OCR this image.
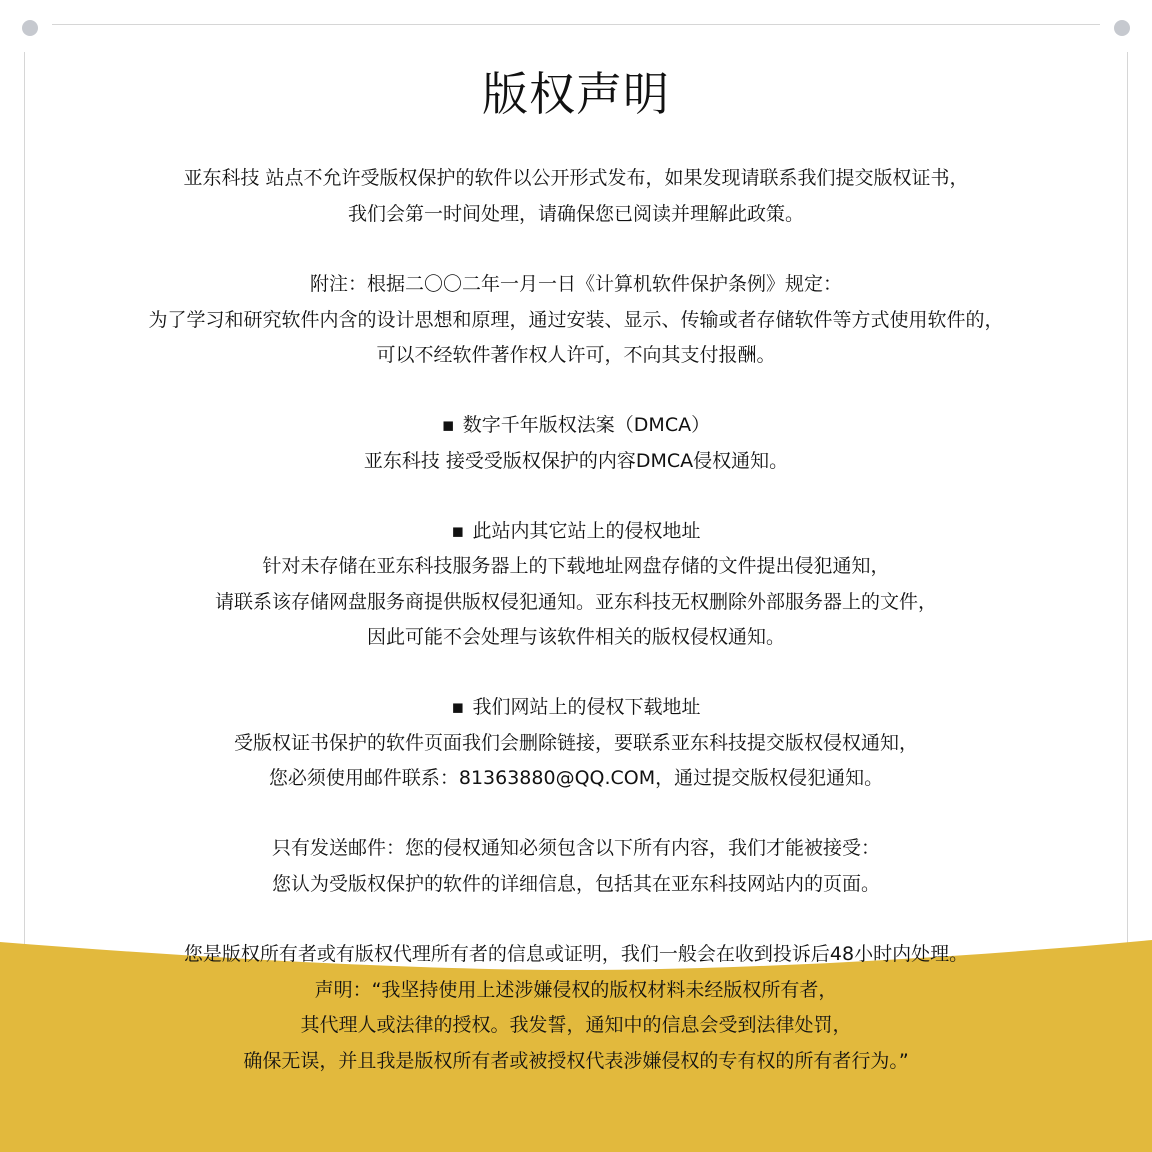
版权声明
亚东科技 站点不允许受版权保护的软件以公开形式发布，如果发现请联系我们提交版权证书，
我们会第一时间处理，请确保您已阅读并理解此政策。
附注：根据二〇〇二年一月一日《计算机软件保护条例》规定：
为了学习和研究软件内含的设计思想和原理，通过安装、显示、传输或者存储软件等方式使用软件的，
可以不经软件著作权人许可，不向其支付报酬。
▪ 数字千年版权法案（DMCA）
亚东科技 接受受版权保护的内容DMCA侵权通知。
▪ 此站内其它站上的侵权地址
针对未存储在亚东科技服务器上的下载地址网盘存储的文件提出侵犯通知，
请联系该存储网盘服务商提供版权侵犯通知。亚东科技无权删除外部服务器上的文件，
因此可能不会处理与该软件相关的版权侵权通知。
▪ 我们网站上的侵权下载地址
受版权证书保护的软件页面我们会删除链接，要联系亚东科技提交版权侵权通知，
您必须使用邮件联系：81363880@QQ.COM，通过提交版权侵犯通知。
只有发送邮件：您的侵权通知必须包含以下所有内容，我们才能被接受：
您认为受版权保护的软件的详细信息，包括其在亚东科技网站内的页面。
您是版权所有者或有版权代理所有者的信息或证明，我们一般会在收到投诉后48小时内处理。
声明：“我坚持使用上述涉嫌侵权的版权材料未经版权所有者，
其代理人或法律的授权。我发誓，通知中的信息会受到法律处罚，
确保无误，并且我是版权所有者或被授权代表涉嫌侵权的专有权的所有者行为。”
